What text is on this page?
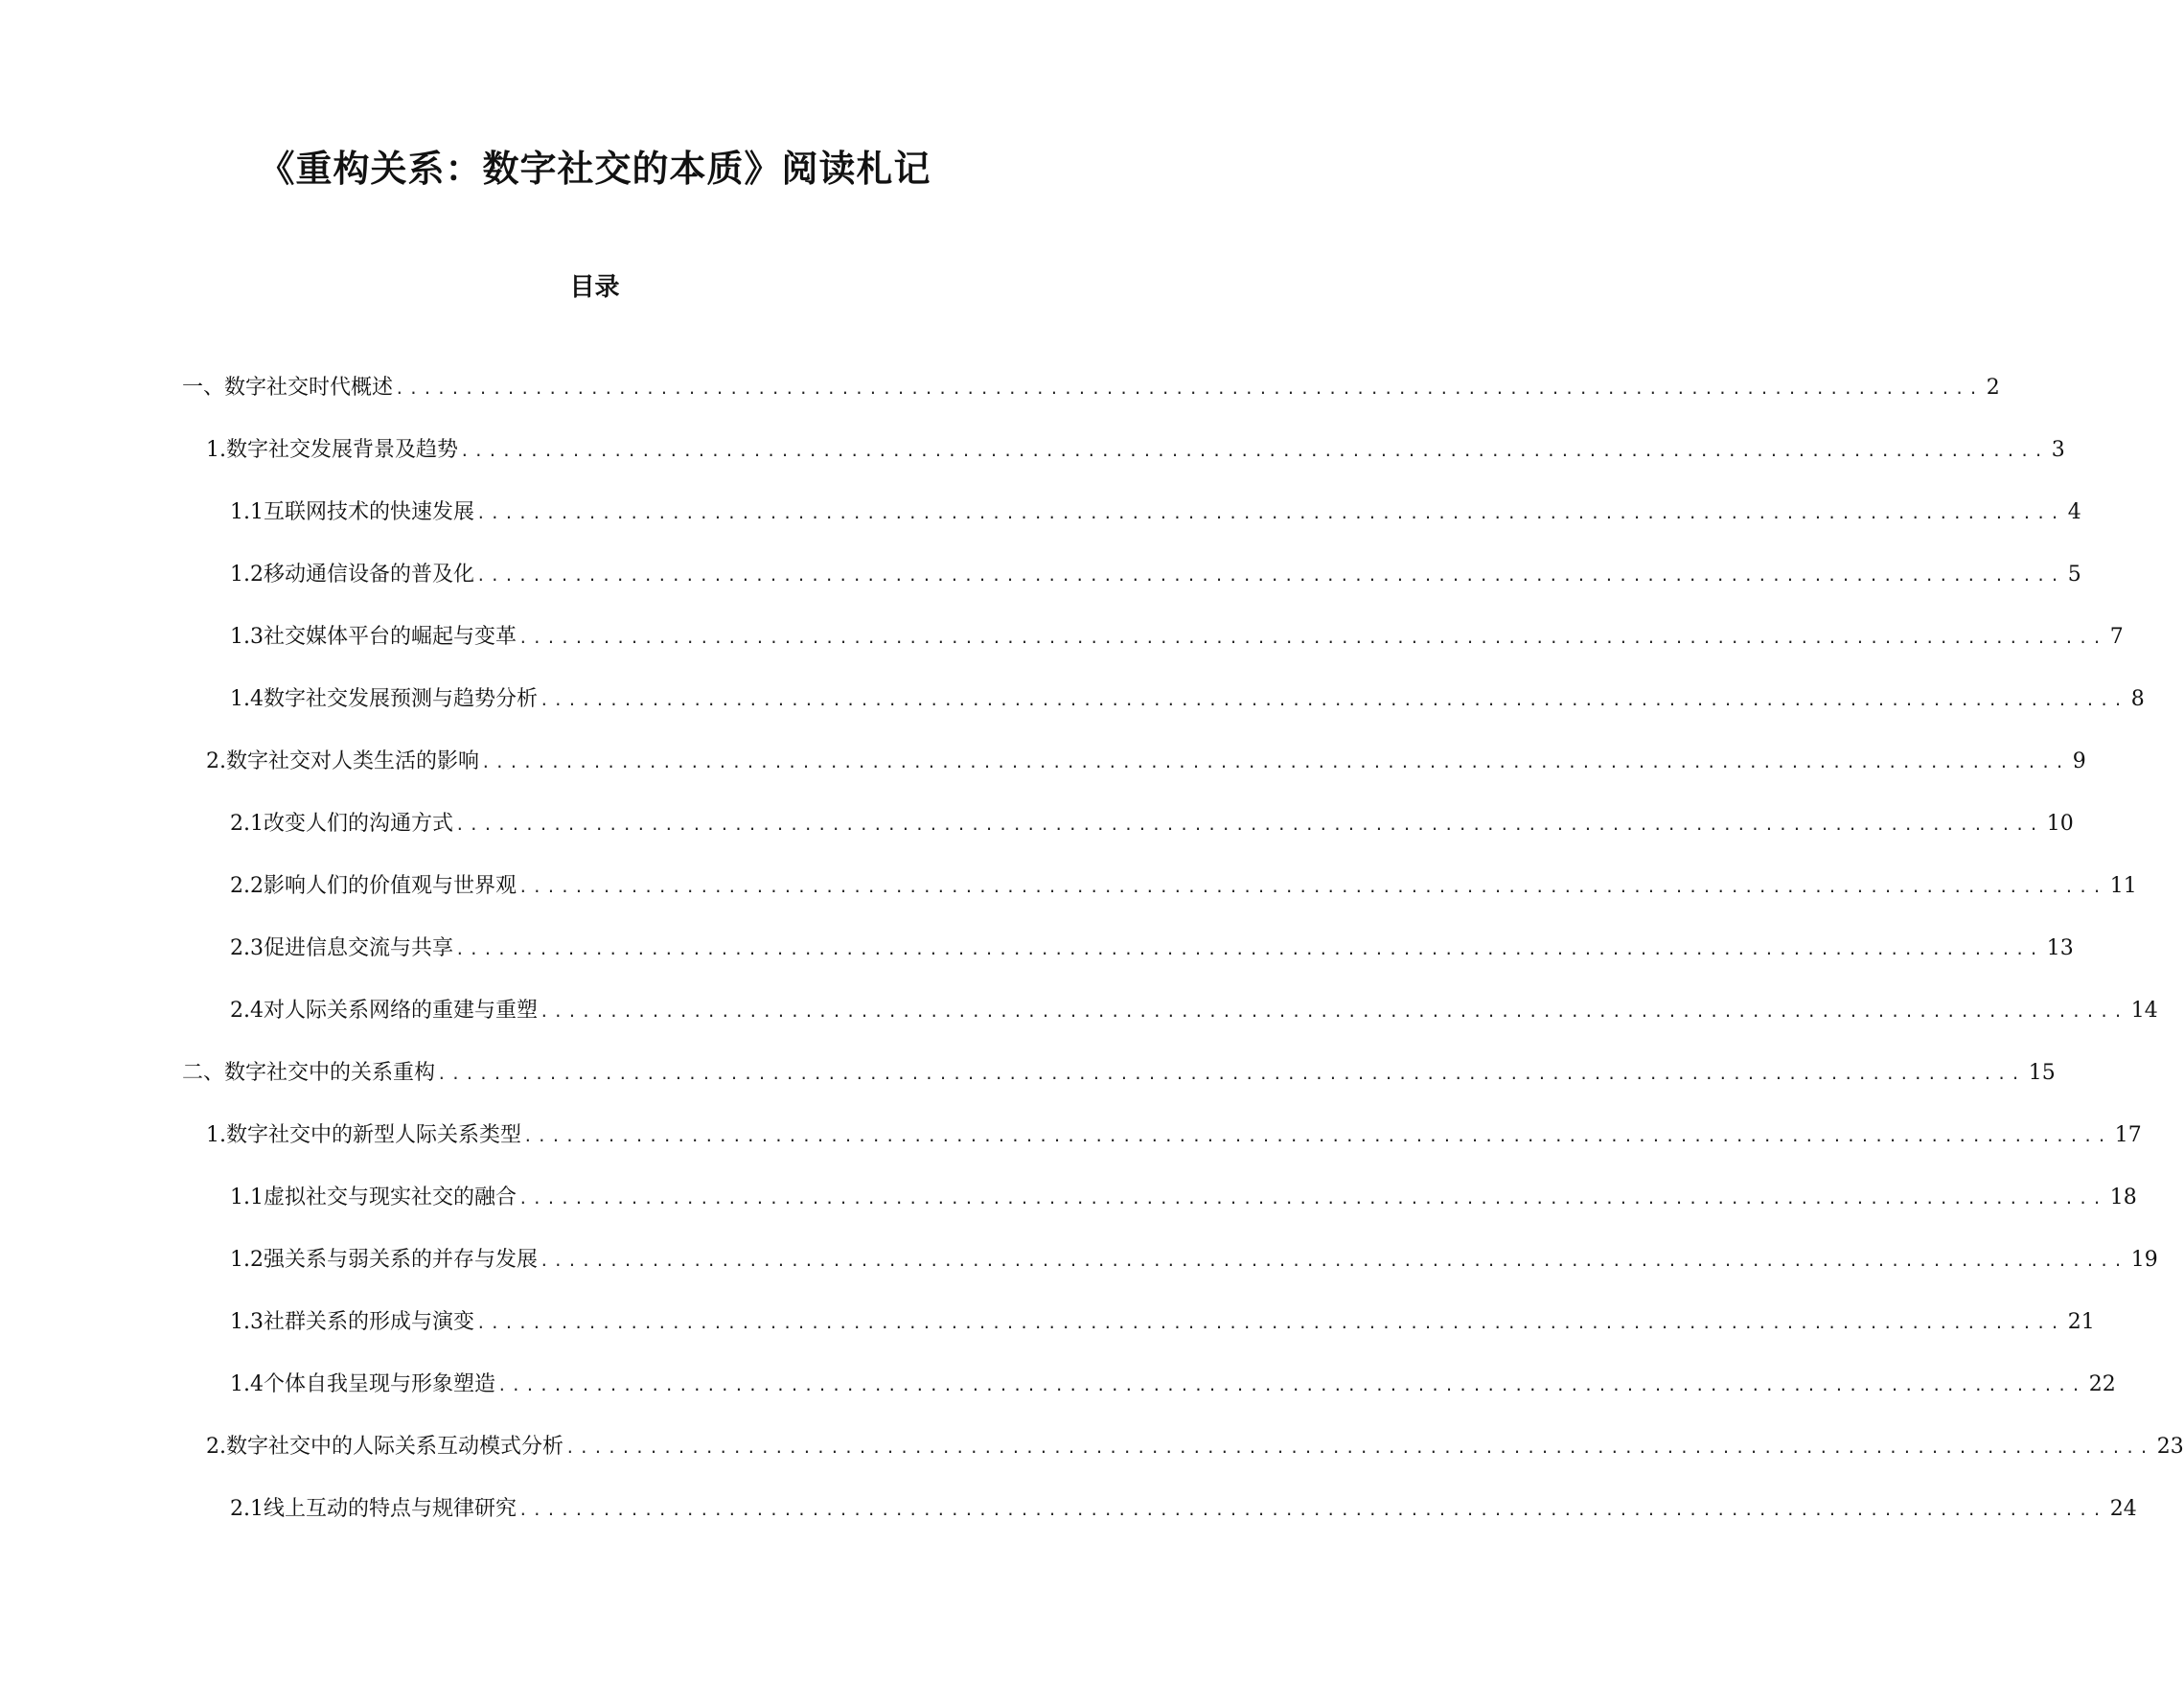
《重构关系：数字社交的本质》阅读札记
目录
一、 数字社交时代概述 .................................................................................................................. 2
1. 数字社交发展背景及趋势 .................................................................................................................. 3
1.1 互联网技术的快速发展 .................................................................................................................. 4
1.2 移动通信设备的普及化 .................................................................................................................. 5
1.3 社交媒体平台的崛起与变革 .................................................................................................................. 7
1.4 数字社交发展预测与趋势分析 .................................................................................................................. 8
2. 数字社交对人类生活的影响 .................................................................................................................. 9
2.1 改变人们的沟通方式 .................................................................................................................. 10
2.2 影响人们的价值观与世界观 .................................................................................................................. 11
2.3 促进信息交流与共享 .................................................................................................................. 13
2.4 对人际关系网络的重建与重塑 .................................................................................................................. 14
二、 数字社交中的关系重构 .................................................................................................................. 15
1. 数字社交中的新型人际关系类型 .................................................................................................................. 17
1.1 虚拟社交与现实社交的融合 .................................................................................................................. 18
1.2 强关系与弱关系的并存与发展 .................................................................................................................. 19
1.3 社群关系的形成与演变 .................................................................................................................. 21
1.4 个体自我呈现与形象塑造 .................................................................................................................. 22
2. 数字社交中的人际关系互动模式分析 .................................................................................................................. 23
2.1 线上互动的特点与规律研究 .................................................................................................................. 24
